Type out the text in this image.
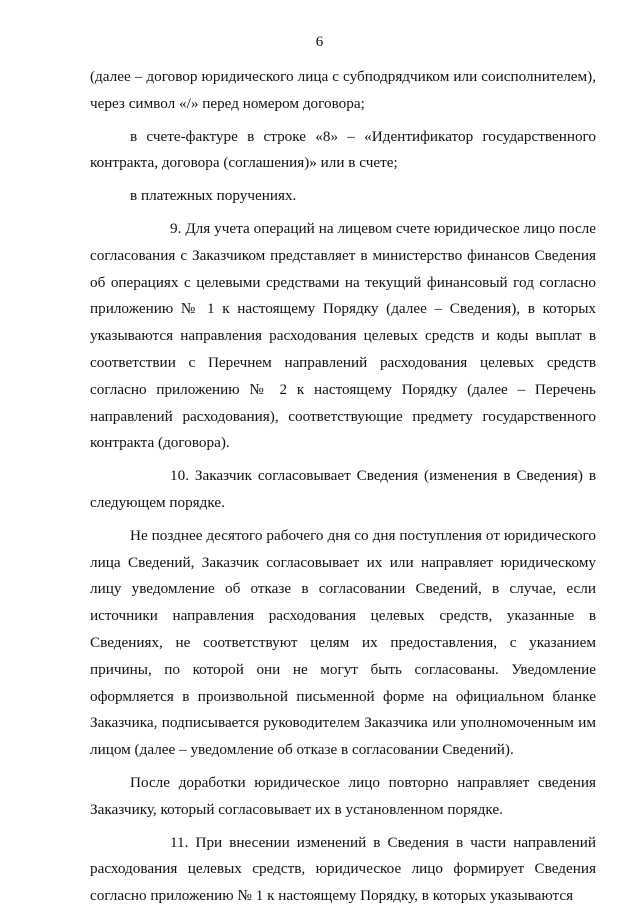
6

(далее – договор юридического лица с субподрядчиком или соисполнителем), через символ «/» перед номером договора;

в счете-фактуре в строке «8» – «Идентификатор государственного контракта, договора (соглашения)» или в счете;

в платежных поручениях.

9. Для учета операций на лицевом счете юридическое лицо после согласования с Заказчиком представляет в министерство финансов Сведения об операциях с целевыми средствами на текущий финансовый год согласно приложению № 1 к настоящему Порядку (далее – Сведения), в которых указываются направления расходования целевых средств и коды выплат в соответствии с Перечнем направлений расходования целевых средств согласно приложению № 2 к настоящему Порядку (далее – Перечень направлений расходования), соответствующие предмету государственного контракта (договора).

10. Заказчик согласовывает Сведения (изменения в Сведения) в следующем порядке.

Не позднее десятого рабочего дня со дня поступления от юридического лица Сведений, Заказчик согласовывает их или направляет юридическому лицу уведомление об отказе в согласовании Сведений, в случае, если источники направления расходования целевых средств, указанные в Сведениях, не соответствуют целям их предоставления, с указанием причины, по которой они не могут быть согласованы. Уведомление оформляется в произвольной письменной форме на официальном бланке Заказчика, подписывается руководителем Заказчика или уполномоченным им лицом (далее – уведомление об отказе в согласовании Сведений).

После доработки юридическое лицо повторно направляет сведения Заказчику, который согласовывает их в установленном порядке.

11. При внесении изменений в Сведения в части направлений расходования целевых средств, юридическое лицо формирует Сведения согласно приложению № 1 к настоящему Порядку, в которых указываются
